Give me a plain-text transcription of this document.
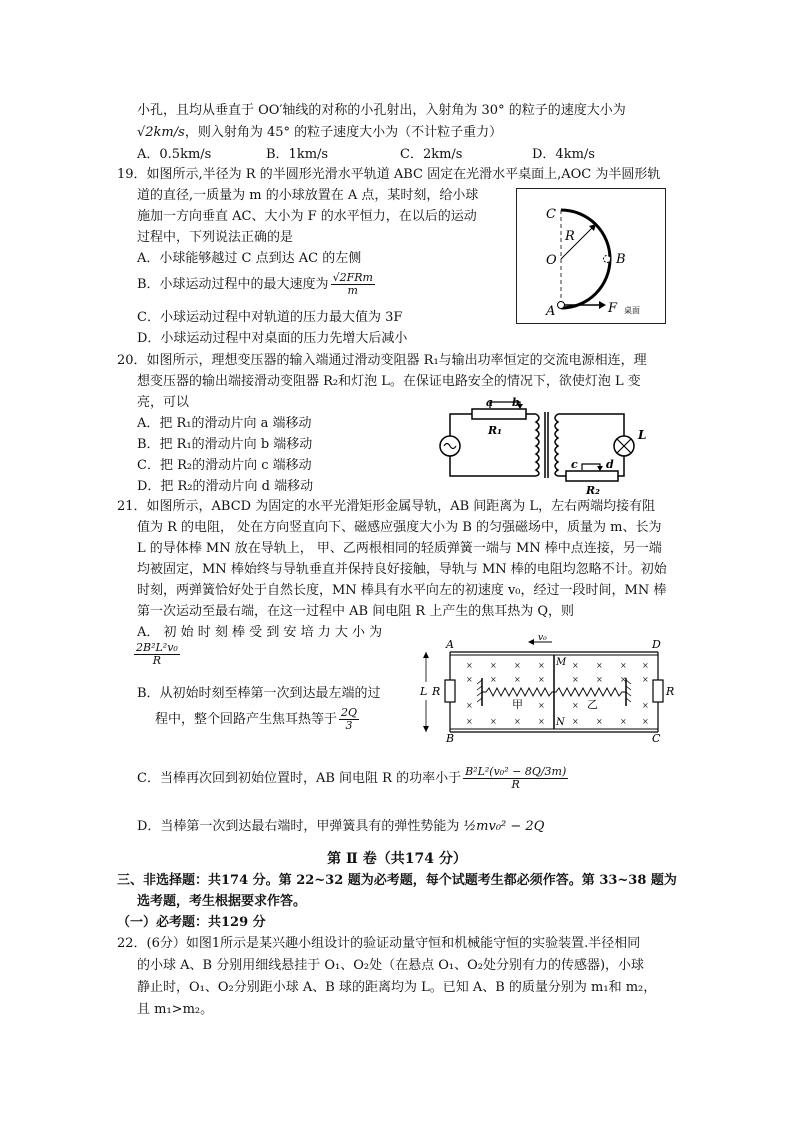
小孔，且均从垂直于 OO′轴线的对称的小孔射出，入射角为 30° 的粒子的速度大小为
√2km/s，则入射角为 45° 的粒子速度大小为（不计粒子重力）
A．0.5km/s	B．1km/s	C．2km/s	D．4km/s
19．如图所示,半径为 R 的半圆形光滑水平轨道 ABC 固定在光滑水平桌面上,AOC 为半圆形轨
道的直径,一质量为 m 的小球放置在 A 点，某时刻，给小球
施加一方向垂直 AC、大小为 F 的水平恒力，在以后的运动
过程中，下列说法正确的是
A．小球能够越过 C 点到达 AC 的左侧
B．小球运动过程中的最大速度为 $\frac{\text{√2FRm}}{m}$
C．小球运动过程中对轨道的压力最大值为 3F
D．小球运动过程中对桌面的压力先增大后减小
C
R
O	B
A	F 桌面
20．如图所示，理想变压器的输入端通过滑动变阻器 R₁与输出功率恒定的交流电源相连，理
想变压器的输出端接滑动变阻器 R₂和灯泡 L。在保证电路安全的情况下，欲使灯泡 L 变
亮，可以
A．把 R₁的滑动片向 a 端移动
B．把 R₁的滑动片向 b 端移动
C．把 R₂的滑动片向 c 端移动
D．把 R₂的滑动片向 d 端移动
a b
R₁	L
c	d
R₂
21．如图所示，ABCD 为固定的水平光滑矩形金属导轨，AB 间距离为 L，左右两端均接有阻
值为 R 的电阻， 处在方向竖直向下、磁感应强度大小为 B 的匀强磁场中，质量为 m、长为
L 的导体棒 MN 放在导轨上， 甲、乙两根相同的轻质弹簧一端与 MN 棒中点连接，另一端
均被固定，MN 棒始终与导轨垂直并保持良好接触，导轨与 MN 棒的电阻均忽略不计。初始
时刻，两弹簧恰好处于自然长度，MN 棒具有水平向左的初速度 v₀，经过一段时间，MN 棒
第一次运动至最右端，在这一过程中 AB 间电阻 R 上产生的焦耳热为 Q，则
A． 初 始 时 刻 棒 受 到 安 培 力 大 小 为
$\frac{\text{2B²L²v₀}}{R}$
B．从初始时刻至棒第一次到达最左端的过
程中，整个回路产生焦耳热等于 $\frac{2Q}{3}$
C．当棒再次回到初始位置时，AB 间电阻 R 的功率小于 $\frac{\text{B²L²(v₀² − 8Q/3m)}}{R}$
D．当棒第一次到达最右端时，甲弹簧具有的弹性势能为 ½mv₀² − 2Q
L R	R
A	D
B	C
M
N
v₀
甲	乙
× × × ×	× × × ×
× × × ×	× × × ×
×	×	×	×
× × × ×	× × × ×
第 Ⅱ 卷（共174 分）
三、非选择题：共174 分。第 22~32 题为必考题，每个试题考生都必须作答。第 33~38 题为
选考题，考生根据要求作答。
（一）必考题：共129 分
22．(6分）如图1所示是某兴趣小组设计的验证动量守恒和机械能守恒的实验装置.半径相同
的小球 A、B 分别用细线悬挂于 O₁、O₂处（在悬点 O₁、O₂处分别有力的传感器)，小球
静止时，O₁、O₂分别距小球 A、B 球的距离均为 L。已知 A、B 的质量分别为 m₁和 m₂，
且 m₁>m₂。
